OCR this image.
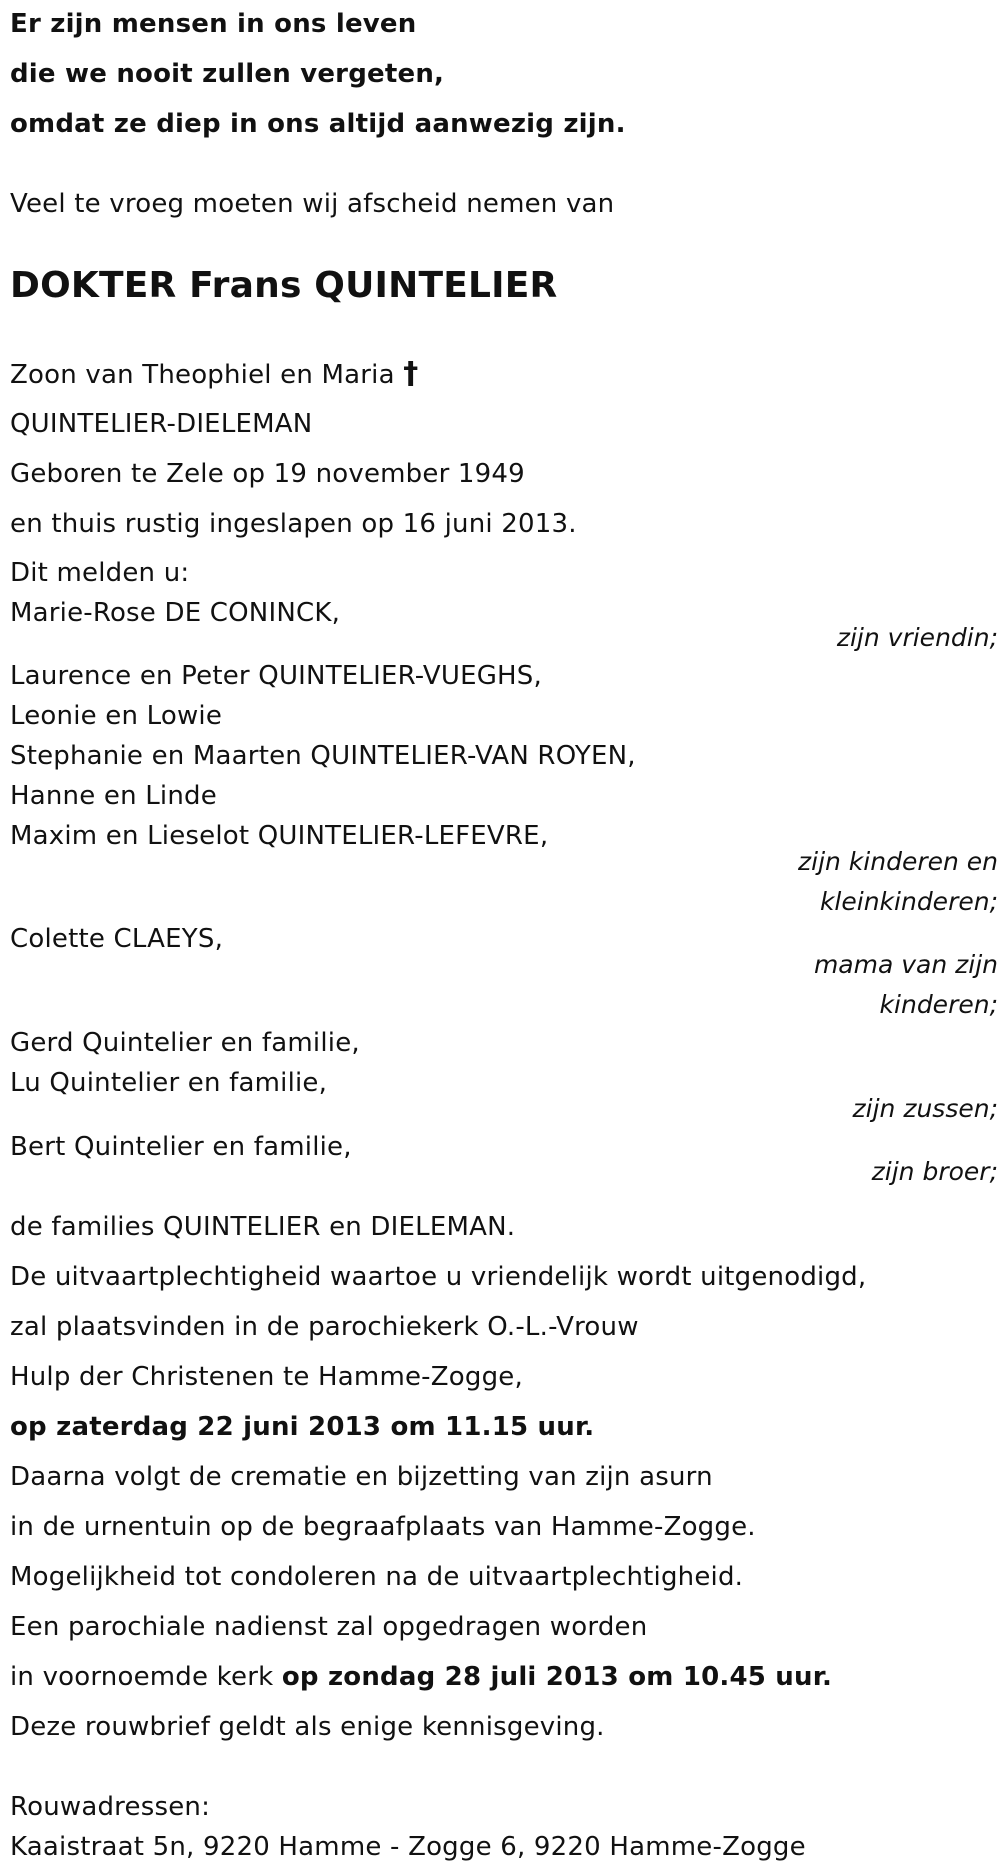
Er zijn mensen in ons leven
die we nooit zullen vergeten,
omdat ze diep in ons altijd aanwezig zijn.
Veel te vroeg moeten wij afscheid nemen van
DOKTER Frans QUINTELIER
Zoon van Theophiel en Maria †
QUINTELIER-DIELEMAN
Geboren te Zele op 19 november 1949
en thuis rustig ingeslapen op 16 juni 2013.
Dit melden u:
Marie-Rose DE CONINCK,
zijn vriendin;
Laurence en Peter QUINTELIER-VUEGHS,
Leonie en Lowie
Stephanie en Maarten QUINTELIER-VAN ROYEN,
Hanne en Linde
Maxim en Lieselot QUINTELIER-LEFEVRE,
zijn kinderen en
kleinkinderen;
Colette CLAEYS,
mama van zijn
kinderen;
Gerd Quintelier en familie,
Lu Quintelier en familie,
zijn zussen;
Bert Quintelier en familie,
zijn broer;
de families QUINTELIER en DIELEMAN.
De uitvaartplechtigheid waartoe u vriendelijk wordt uitgenodigd,
zal plaatsvinden in de parochiekerk O.-L.-Vrouw
Hulp der Christenen te Hamme-Zogge,
op zaterdag 22 juni 2013 om 11.15 uur.
Daarna volgt de crematie en bijzetting van zijn asurn
in de urnentuin op de begraafplaats van Hamme-Zogge.
Mogelijkheid tot condoleren na de uitvaartplechtigheid.
Een parochiale nadienst zal opgedragen worden
in voornoemde kerk op zondag 28 juli 2013 om 10.45 uur.
Deze rouwbrief geldt als enige kennisgeving.
Rouwadressen:
Kaaistraat 5n, 9220 Hamme - Zogge 6, 9220 Hamme-Zogge
